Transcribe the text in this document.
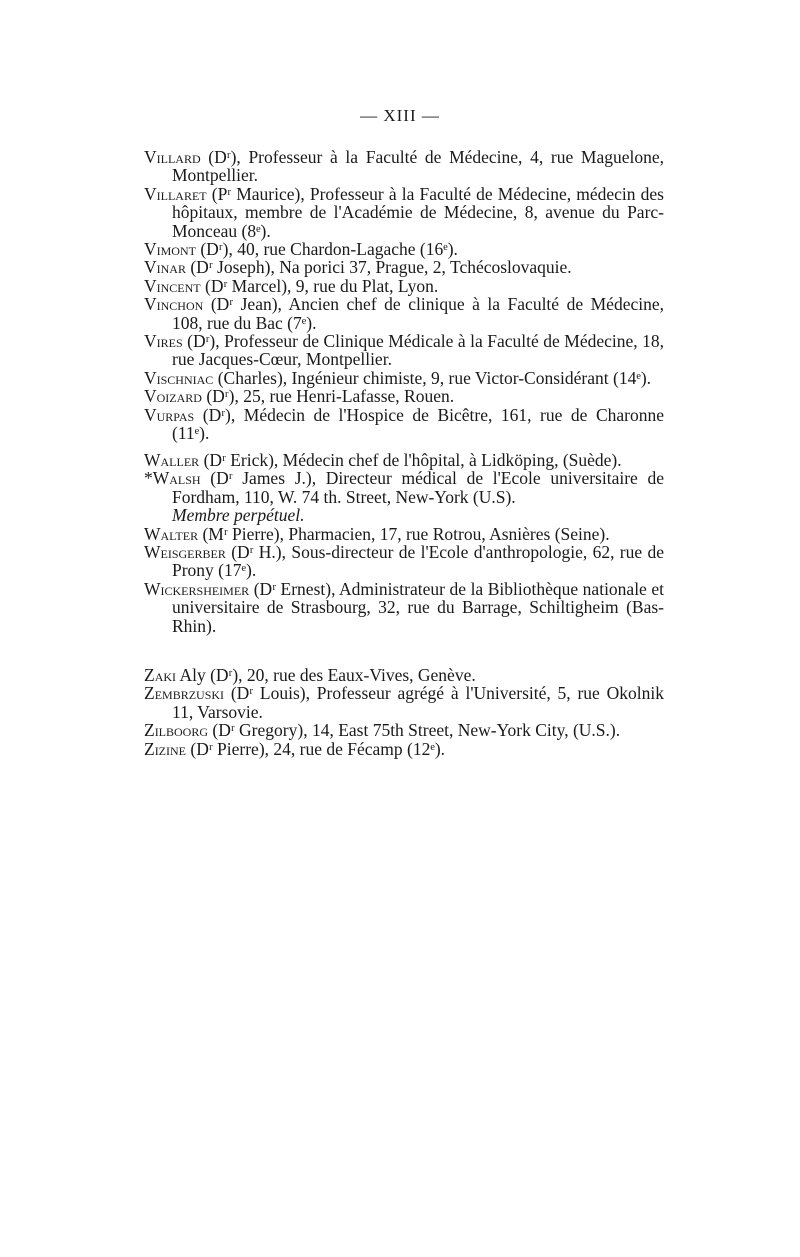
— XIII —

Villard (Dʳ), Professeur à la Faculté de Médecine, 4, rue Maguelone, Montpellier.

Villaret (Pʳ Maurice), Professeur à la Faculté de Médecine, médecin des hôpitaux, membre de l'Académie de Médecine, 8, avenue du Parc-Monceau (8ᵉ).

Vimont (Dʳ), 40, rue Chardon-Lagache (16ᵉ).

Vinar (Dʳ Joseph), Na porici 37, Prague, 2, Tchécoslovaquie.

Vincent (Dʳ Marcel), 9, rue du Plat, Lyon.

Vinchon (Dʳ Jean), Ancien chef de clinique à la Faculté de Médecine, 108, rue du Bac (7ᵉ).

Vires (Dʳ), Professeur de Clinique Médicale à la Faculté de Médecine, 18, rue Jacques-Cœur, Montpellier.

Vischniac (Charles), Ingénieur chimiste, 9, rue Victor-Considérant (14ᵉ).

Voizard (Dʳ), 25, rue Henri-Lafasse, Rouen.

Vurpas (Dʳ), Médecin de l'Hospice de Bicêtre, 161, rue de Charonne (11ᵉ).

Waller (Dʳ Erick), Médecin chef de l'hôpital, à Lidköping, (Suède).

*Walsh (Dʳ James J.), Directeur médical de l'Ecole universitaire de Fordham, 110, W. 74 th. Street, New-York (U.S).
Membre perpétuel.

Walter (Mʳ Pierre), Pharmacien, 17, rue Rotrou, Asnières (Seine).

Weisgerber (Dʳ H.), Sous-directeur de l'Ecole d'anthropologie, 62, rue de Prony (17ᵉ).

Wickersheimer (Dʳ Ernest), Administrateur de la Bibliothèque nationale et universitaire de Strasbourg, 32, rue du Barrage, Schiltigheim (Bas-Rhin).

Zaki Aly (Dʳ), 20, rue des Eaux-Vives, Genève.

Zembrzuski (Dʳ Louis), Professeur agrégé à l'Université, 5, rue Okolnik 11, Varsovie.

Zilboorg (Dʳ Gregory), 14, East 75th Street, New-York City, (U.S.).

Zizine (Dʳ Pierre), 24, rue de Fécamp (12ᵉ).
